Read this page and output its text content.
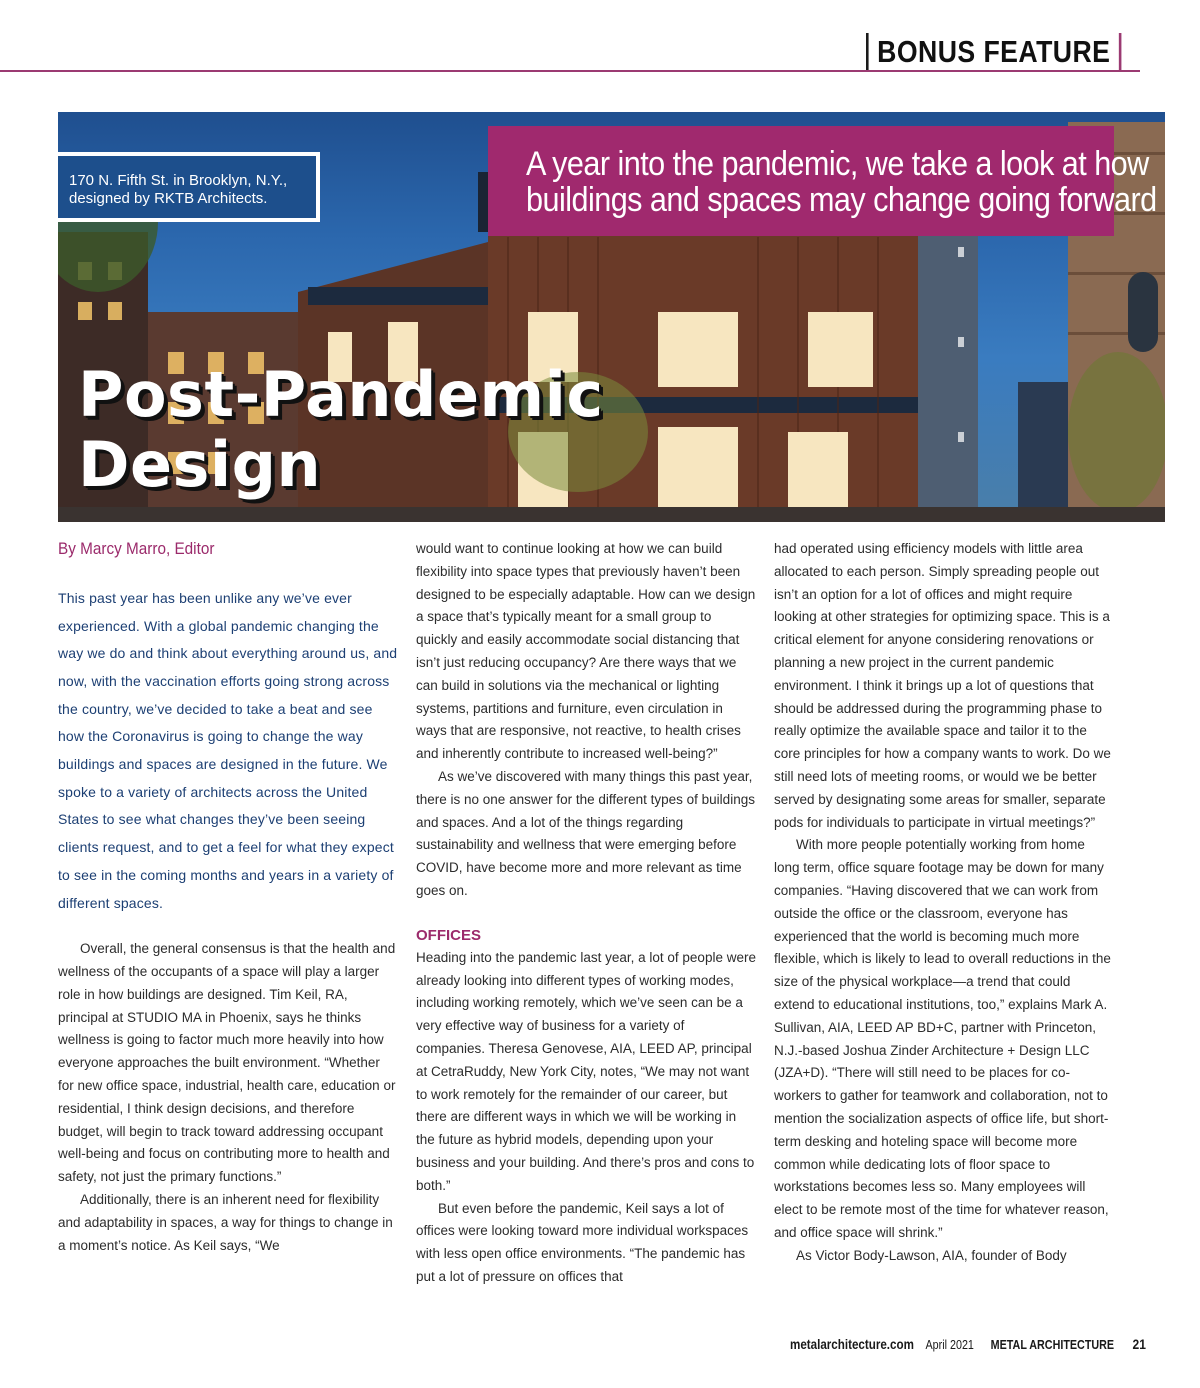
BONUS FEATURE
Post-Pandemic
Design
170 N. Fifth St. in Brooklyn, N.Y., designed by RKTB Architects.
A year into the pandemic, we take a look at how
buildings and spaces may change going forward

By Marcy Marro, Editor

This past year has been unlike any we’ve ever experienced. With a global pandemic changing the way we do and think about everything around us, and now, with the vaccination efforts going strong across the country, we’ve decided to take a beat and see how the Coronavirus is going to change the way buildings and spaces are designed in the future. We spoke to a variety of architects across the United States to see what changes they’ve been seeing clients request, and to get a feel for what they expect to see in the coming months and years in a variety of different spaces.

Overall, the general consensus is that the health and wellness of the occupants of a space will play a larger role in how buildings are designed. Tim Keil, RA, principal at STUDIO MA in Phoenix, says he thinks wellness is going to factor much more heavily into how everyone approaches the built environment. “Whether for new office space, industrial, health care, education or residential, I think design decisions, and therefore budget, will begin to track toward addressing occupant well-being and focus on contributing more to health and safety, not just the primary functions.”

Additionally, there is an inherent need for flexibility and adaptability in spaces, a way for things to change in a moment’s notice. As Keil says, “We

would want to continue looking at how we can build flexibility into space types that previously haven’t been designed to be especially adaptable. How can we design a space that’s typically meant for a small group to quickly and easily accommodate social distancing that isn’t just reducing occupancy? Are there ways that we can build in solutions via the mechanical or lighting systems, partitions and furniture, even circulation in ways that are responsive, not reactive, to health crises and inherently contribute to increased well-being?”

As we’ve discovered with many things this past year, there is no one answer for the different types of buildings and spaces. And a lot of the things regarding sustainability and wellness that were emerging before COVID, have become more and more relevant as time goes on.

OFFICES

Heading into the pandemic last year, a lot of people were already looking into different types of working modes, including working remotely, which we’ve seen can be a very effective way of business for a variety of companies. Theresa Genovese, AIA, LEED AP, principal at CetraRuddy, New York City, notes, “We may not want to work remotely for the remainder of our career, but there are different ways in which we will be working in the future as hybrid models, depending upon your business and your building. And there’s pros and cons to both.”

But even before the pandemic, Keil says a lot of offices were looking toward more individual workspaces with less open office environments. “The pandemic has put a lot of pressure on offices that

had operated using efficiency models with little area allocated to each person. Simply spreading people out isn’t an option for a lot of offices and might require looking at other strategies for optimizing space. This is a critical element for anyone considering renovations or planning a new project in the current pandemic environment. I think it brings up a lot of questions that should be addressed during the programming phase to really optimize the available space and tailor it to the core principles for how a company wants to work. Do we still need lots of meeting rooms, or would we be better served by designating some areas for smaller, separate pods for individuals to participate in virtual meetings?”

With more people potentially working from home long term, office square footage may be down for many companies. “Having discovered that we can work from outside the office or the classroom, everyone has experienced that the world is becoming much more flexible, which is likely to lead to overall reductions in the size of the physical workplace—a trend that could extend to educational institutions, too,” explains Mark A. Sullivan, AIA, LEED AP BD+C, partner with Princeton, N.J.-based Joshua Zinder Architecture + Design LLC (JZA+D). “There will still need to be places for co-workers to gather for teamwork and collaboration, not to mention the socialization aspects of office life, but short-term desking and hoteling space will become more common while dedicating lots of floor space to workstations becomes less so. Many employees will elect to be remote most of the time for whatever reason, and office space will shrink.”

As Victor Body-Lawson, AIA, founder of Body

metalarchitecture.com April 2021 METAL ARCHITECTURE 21
